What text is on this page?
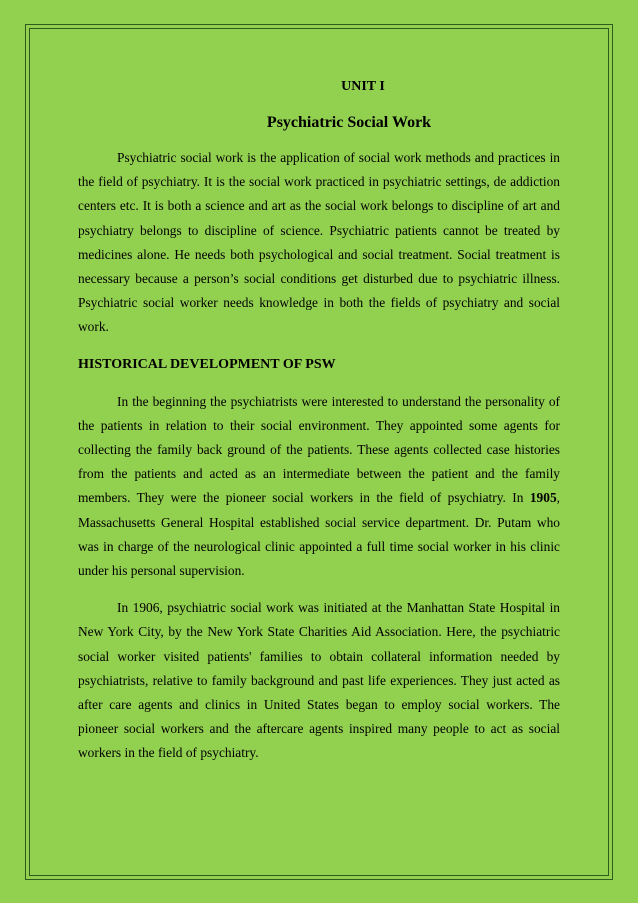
UNIT I

Psychiatric Social Work

Psychiatric social work is the application of social work methods and practices in the field of psychiatry. It is the social work practiced in psychiatric settings, de addiction centers etc. It is both a science and art as the social work belongs to discipline of art and psychiatry belongs to discipline of science. Psychiatric patients cannot be treated by medicines alone. He needs both psychological and social treatment. Social treatment is necessary because a person’s social conditions get disturbed due to psychiatric illness. Psychiatric social worker needs knowledge in both the fields of psychiatry and social work.

HISTORICAL DEVELOPMENT OF PSW

In the beginning the psychiatrists were interested to understand the personality of the patients in relation to their social environment. They appointed some agents for collecting the family back ground of the patients. These agents collected case histories from the patients and acted as an intermediate between the patient and the family members. They were the pioneer social workers in the field of psychiatry. In 1905, Massachusetts General Hospital established social service department. Dr. Putam who was in charge of the neurological clinic appointed a full time social worker in his clinic under his personal supervision.

In 1906, psychiatric social work was initiated at the Manhattan State Hospital in New York City, by the New York State Charities Aid Association. Here, the psychiatric social worker visited patients' families to obtain collateral information needed by psychiatrists, relative to family background and past life experiences. They just acted as after care agents and clinics in United States began to employ social workers. The pioneer social workers and the aftercare agents inspired many people to act as social workers in the field of psychiatry.
